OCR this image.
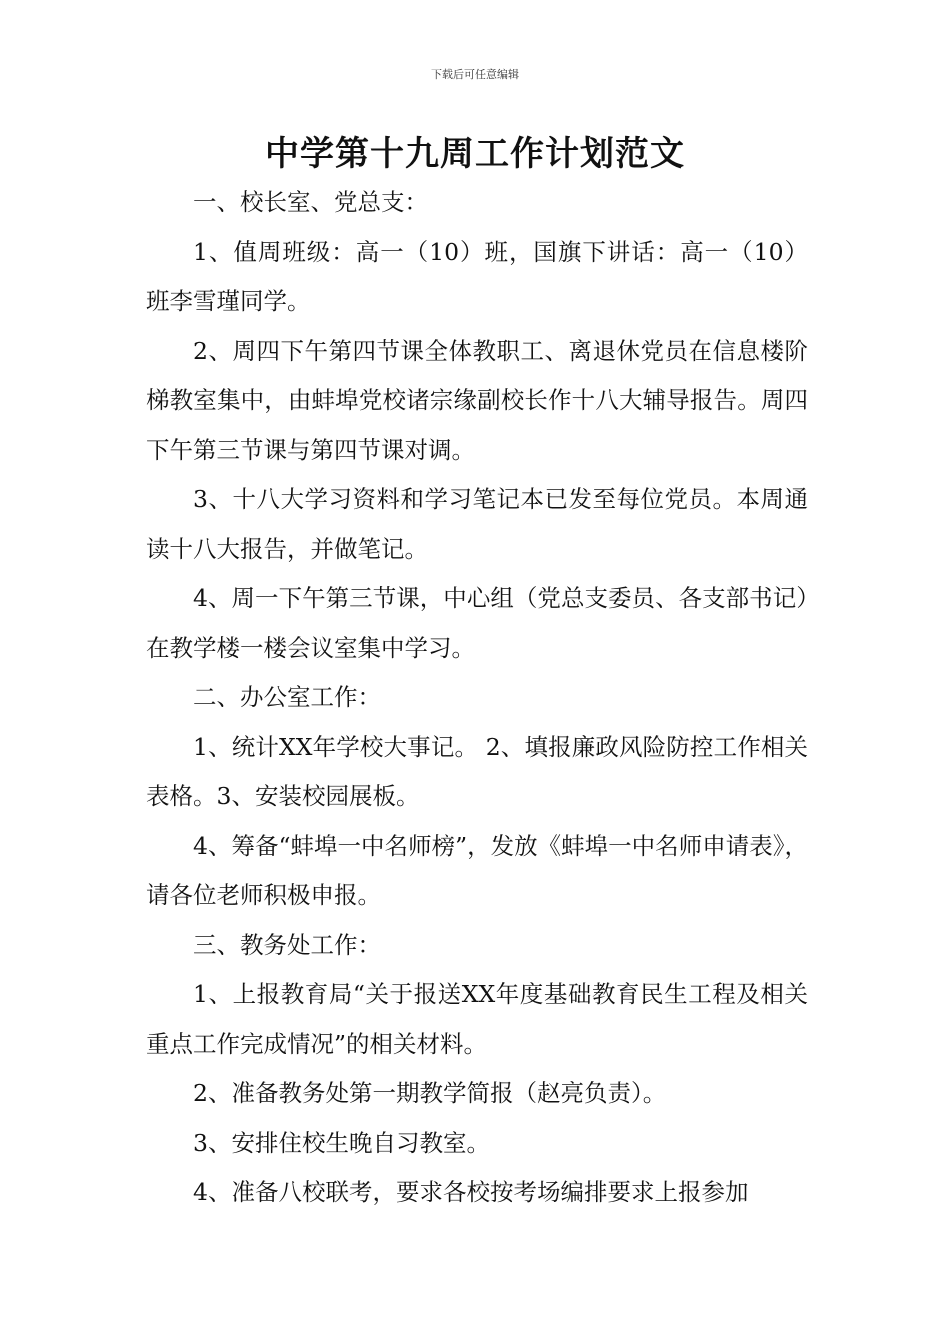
下载后可任意编辑
中学第十九周工作计划范文

一、校长室、党总支：

1、值周班级：高一（10）班，国旗下讲话：高一（10）班李雪瑾同学。

2、周四下午第四节课全体教职工、离退休党员在信息楼阶梯教室集中，由蚌埠党校诸宗缘副校长作十八大辅导报告。周四下午第三节课与第四节课对调。

3、十八大学习资料和学习笔记本已发至每位党员。本周通读十八大报告，并做笔记。

4、周一下午第三节课，中心组（党总支委员、各支部书记）在教学楼一楼会议室集中学习。

二、办公室工作：

1、统计XX年学校大事记。 2、填报廉政风险防控工作相关表格。3、安装校园展板。

4、筹备“蚌埠一中名师榜”，发放《蚌埠一中名师申请表》，请各位老师积极申报。

三、教务处工作：

1、上报教育局“关于报送XX年度基础教育民生工程及相关重点工作完成情况”的相关材料。

2、准备教务处第一期教学简报（赵亮负责）。

3、安排住校生晚自习教室。

4、准备八校联考，要求各校按考场编排要求上报参加
